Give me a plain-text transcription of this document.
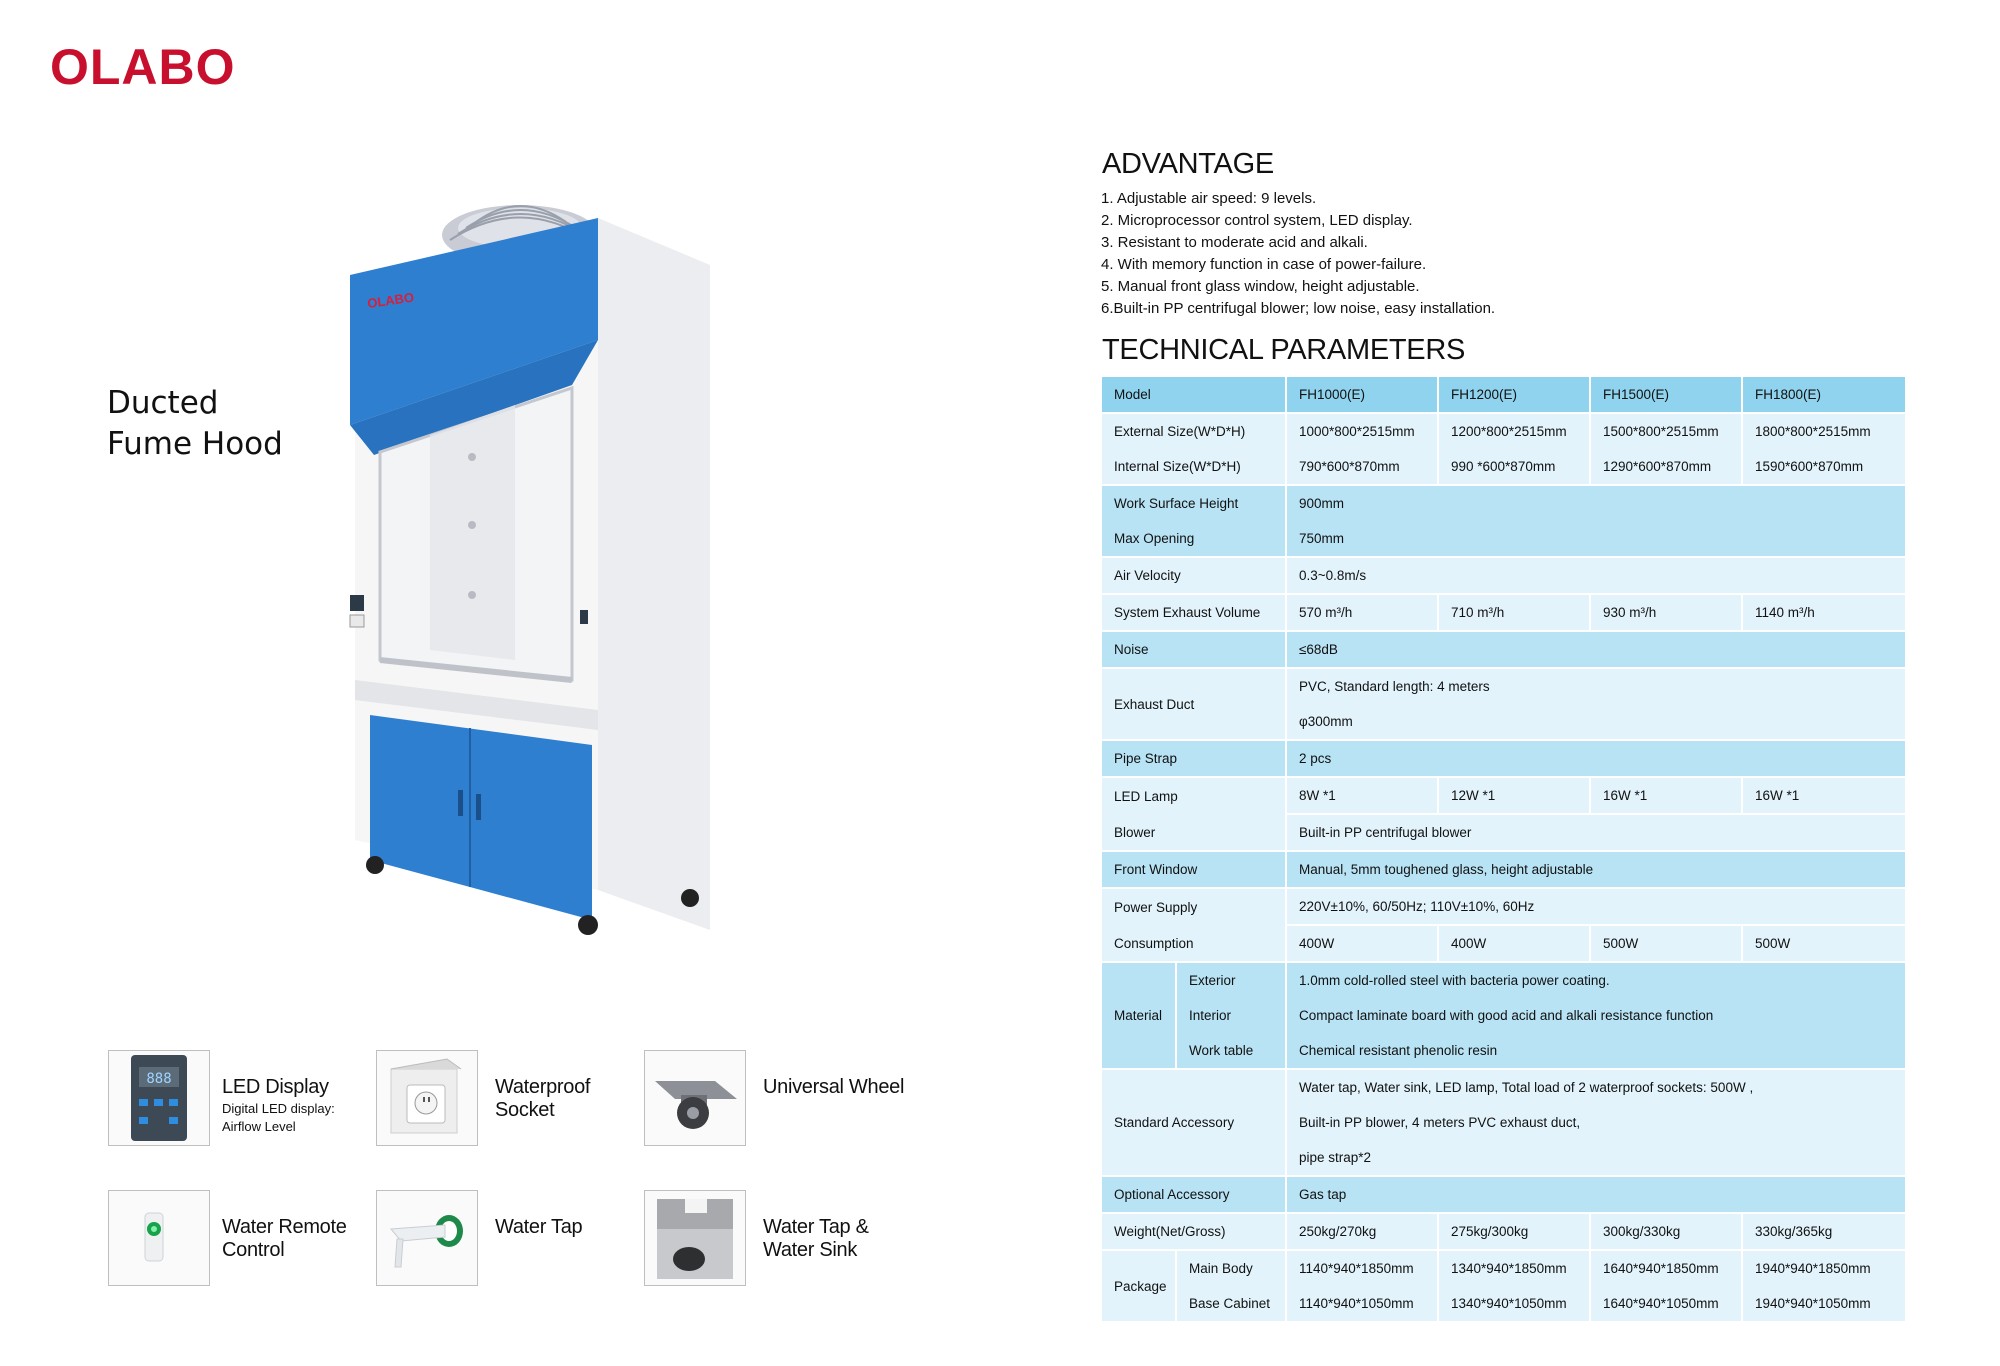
OLABO
Ducted
Fume Hood
OLABO
888	LED Display
Digital LED display:
Airflow Level
Waterproof
Socket
Universal Wheel
Water Remote
Control
Water Tap	Water Tap &
Water Sink
ADVANTAGE
1. Adjustable air speed: 9 levels.
2. Microprocessor control system, LED display.
3. Resistant to moderate acid and alkali.
4. With memory function in case of power-failure.
5. Manual front glass window, height adjustable.
6.Built-in PP centrifugal blower; low noise, easy installation.
TECHNICAL PARAMETERS
Model		FH1000(E)	FH1200(E)	FH1500(E)	FH1800(E)
External Size(W*D*H)		1000*800*2515mm	1200*800*2515mm	1500*800*2515mm	1800*800*2515mm
Internal Size(W*D*H)		790*600*870mm	990 *600*870mm	1290*600*870mm	1590*600*870mm
Work Surface Height		900mm			
Max Opening		750mm			
Air Velocity		0.3~0.8m/s			
System Exhaust Volume		570 m³/h	710 m³/h	930 m³/h	1140 m³/h
Noise		≤68dB			
Exhaust Duct		PVC, Standard length: 4 meters			
		φ300mm			
Pipe Strap		2 pcs			
LED Lamp		8W *1	12W *1	16W *1	16W *1
Blower		Built-in PP centrifugal blower			
Front Window		Manual, 5mm toughened glass, height adjustable			
Power Supply		220V±10%, 60/50Hz; 110V±10%, 60Hz			
Consumption		400W	400W	500W	500W
Material	Exterior	1.0mm cold-rolled steel with bacteria power coating.			
	Interior	Compact laminate board with good acid and alkali resistance function			
	Work table	Chemical resistant phenolic resin			
Standard Accessory		Water tap, Water sink, LED lamp, Total load of 2 waterproof sockets: 500W ,			
		Built-in PP blower, 4 meters PVC exhaust duct,			
		pipe strap*2			
Optional Accessory		Gas tap			
Weight(Net/Gross)		250kg/270kg	275kg/300kg	300kg/330kg	330kg/365kg
Package	Main Body	1140*940*1850mm	1340*940*1850mm	1640*940*1850mm	1940*940*1850mm
	Base Cabinet	1140*940*1050mm	1340*940*1050mm	1640*940*1050mm	1940*940*1050mm
